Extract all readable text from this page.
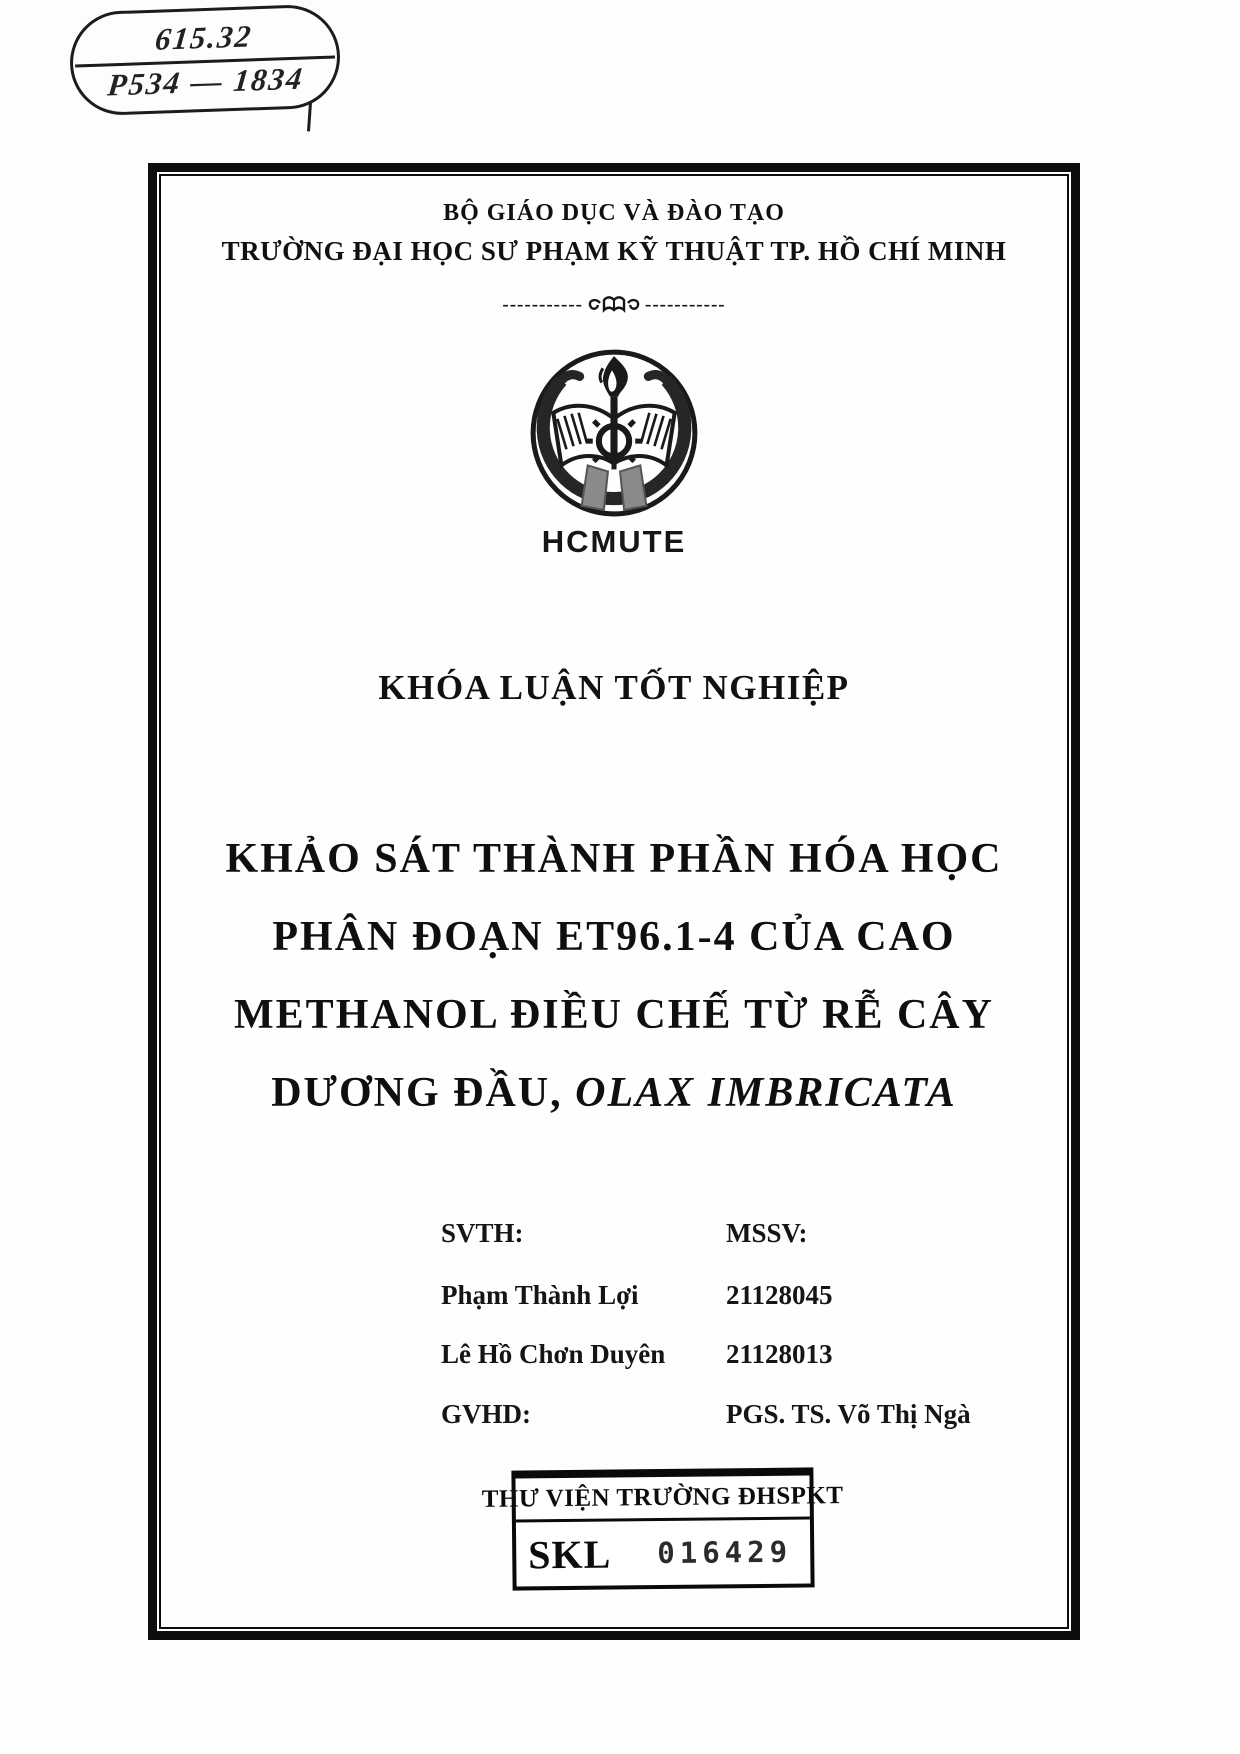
615.32
P534 — 1834
BỘ GIÁO DỤC VÀ ĐÀO TẠO
TRƯỜNG ĐẠI HỌC SƯ PHẠM KỸ THUẬT TP. HỒ CHÍ MINH
-----------	-----------
HCMUTE
KHÓA LUẬN TỐT NGHIỆP
KHẢO SÁT THÀNH PHẦN HÓA HỌC
PHÂN ĐOẠN ET96.1-4 CỦA CAO
METHANOL ĐIỀU CHẾ TỪ RỄ CÂY
DƯƠNG ĐẦU, OLAX IMBRICATA
SVTH:	MSSV:
Phạm Thành Lợi	21128045
Lê Hồ Chơn Duyên	21128013
GVHD:	PGS. TS. Võ Thị Ngà
THƯ VIỆN TRƯỜNG ĐHSPKT
SKL 016429
